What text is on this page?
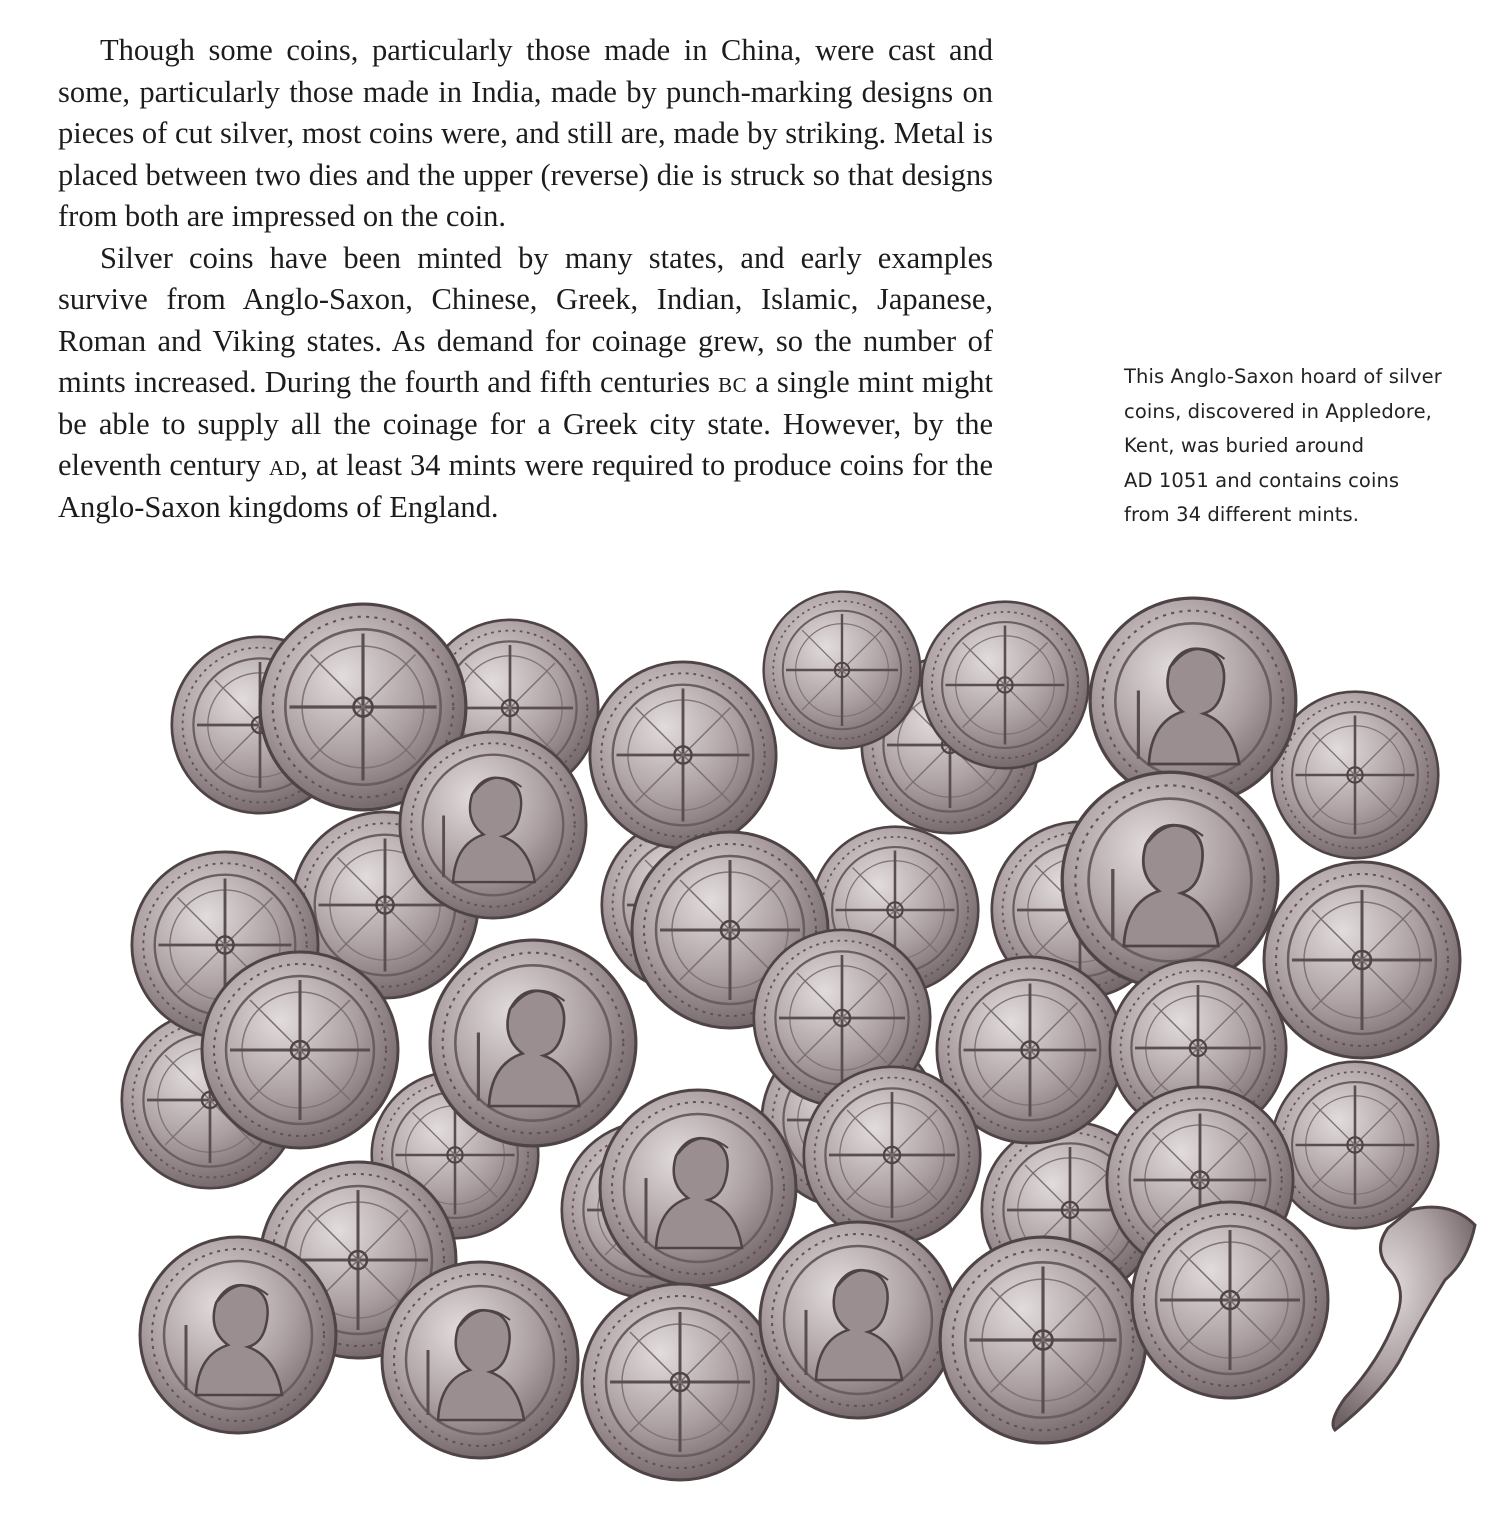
Though some coins, particularly those made in China, were cast and some, particularly those made in India, made by punch-marking designs on pieces of cut silver, most coins were, and still are, made by striking. Metal is placed between two dies and the upper (reverse) die is struck so that designs from both are impressed on the coin.

Silver coins have been minted by many states, and early examples survive from Anglo-Saxon, Chinese, Greek, Indian, Islamic, Japanese, Roman and Viking states. As demand for coinage grew, so the number of mints increased. During the fourth and fifth centuries bc a single mint might be able to supply all the coinage for a Greek city state. However, by the eleventh century ad, at least 34 mints were required to produce coins for the Anglo-Saxon kingdoms of England.

This Anglo-Saxon hoard of silver
coins, discovered in Appledore,
Kent, was buried around
AD 1051 and contains coins
from 34 different mints.
